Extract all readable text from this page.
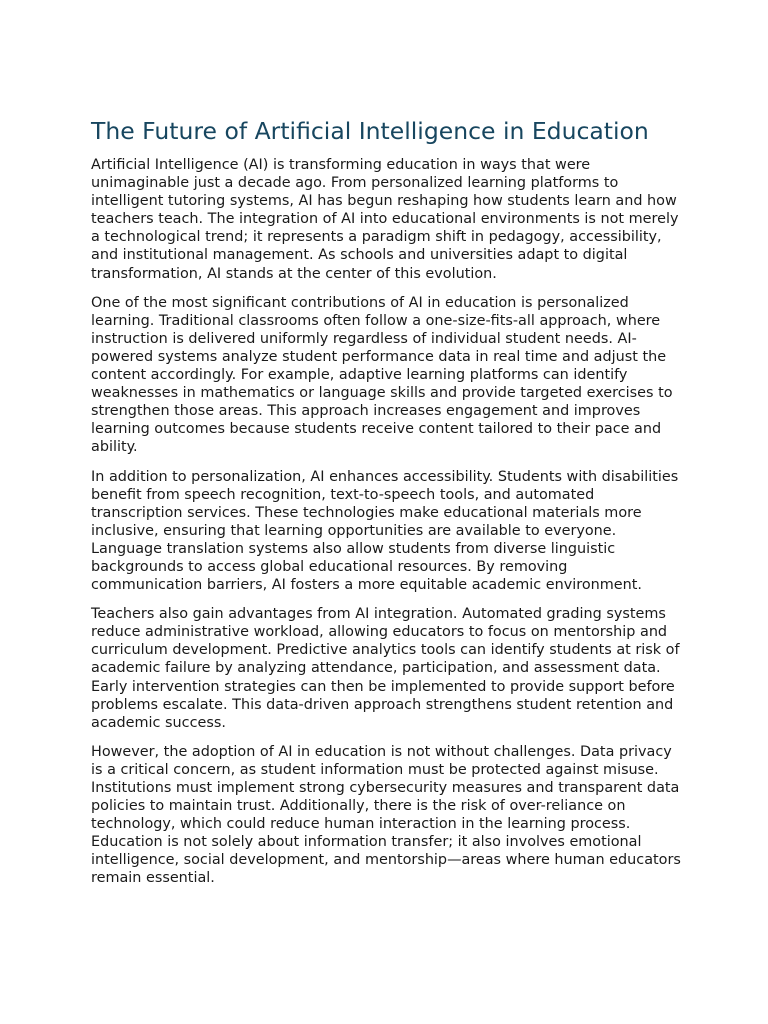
The Future of Artificial Intelligence in Education

Artificial Intelligence (AI) is transforming education in ways that were unimaginable just a decade ago. From personalized learning platforms to intelligent tutoring systems, AI has begun reshaping how students learn and how teachers teach. The integration of AI into educational environments is not merely a technological trend; it represents a paradigm shift in pedagogy, accessibility, and institutional management. As schools and universities adapt to digital transformation, AI stands at the center of this evolution.

One of the most significant contributions of AI in education is personalized learning. Traditional classrooms often follow a one-size-fits-all approach, where instruction is delivered uniformly regardless of individual student needs. AI-powered systems analyze student performance data in real time and adjust the content accordingly. For example, adaptive learning platforms can identify weaknesses in mathematics or language skills and provide targeted exercises to strengthen those areas. This approach increases engagement and improves learning outcomes because students receive content tailored to their pace and ability.

In addition to personalization, AI enhances accessibility. Students with disabilities benefit from speech recognition, text-to-speech tools, and automated transcription services. These technologies make educational materials more inclusive, ensuring that learning opportunities are available to everyone. Language translation systems also allow students from diverse linguistic backgrounds to access global educational resources. By removing communication barriers, AI fosters a more equitable academic environment.

Teachers also gain advantages from AI integration. Automated grading systems reduce administrative workload, allowing educators to focus on mentorship and curriculum development. Predictive analytics tools can identify students at risk of academic failure by analyzing attendance, participation, and assessment data. Early intervention strategies can then be implemented to provide support before problems escalate. This data-driven approach strengthens student retention and academic success.

However, the adoption of AI in education is not without challenges. Data privacy is a critical concern, as student information must be protected against misuse. Institutions must implement strong cybersecurity measures and transparent data policies to maintain trust. Additionally, there is the risk of over-reliance on technology, which could reduce human interaction in the learning process. Education is not solely about information transfer; it also involves emotional intelligence, social development, and mentorship—areas where human educators remain essential.
